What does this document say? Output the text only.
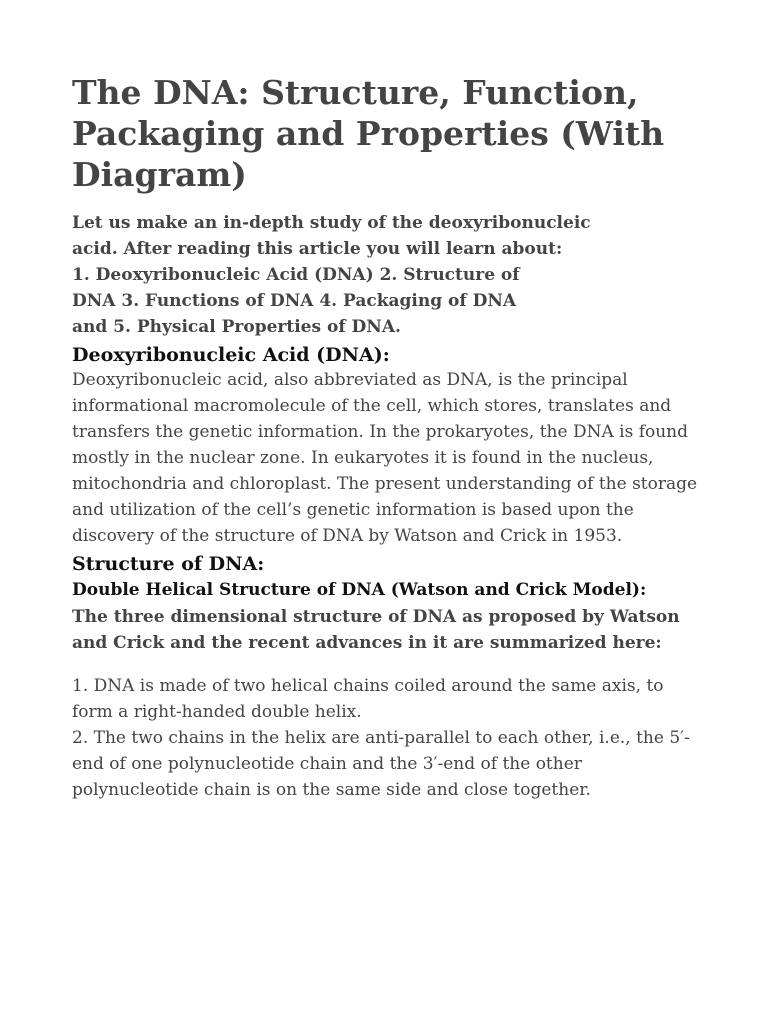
The DNA: Structure, Function, Packaging and Properties (With Diagram)

Let us make an in-depth study of the deoxyribonucleic
acid. After reading this article you will learn about:
1. Deoxyribonucleic Acid (DNA) 2. Structure of
DNA 3. Functions of DNA 4. Packaging of DNA
and 5. Physical Properties of DNA.

Deoxyribonucleic Acid (DNA):

Deoxyribonucleic acid, also abbreviated as DNA, is the principal informational macromolecule of the cell, which stores, translates and transfers the genetic information. In the prokaryotes, the DNA is found mostly in the nuclear zone. In eukaryotes it is found in the nucleus, mitochondria and chloroplast. The present understanding of the storage and utilization of the cell’s genetic information is based upon the discovery of the structure of DNA by Watson and Crick in 1953.

Structure of DNA:
Double Helical Structure of DNA (Watson and Crick Model):

The three dimensional structure of DNA as proposed by Watson and Crick and the recent advances in it are summarized here:

1. DNA is made of two helical chains coiled around the same axis, to form a right-handed double helix.

2. The two chains in the helix are anti-parallel to each other, i.e., the 5′-end of one polynucleotide chain and the 3′-end of the other polynucleotide chain is on the same side and close together.
